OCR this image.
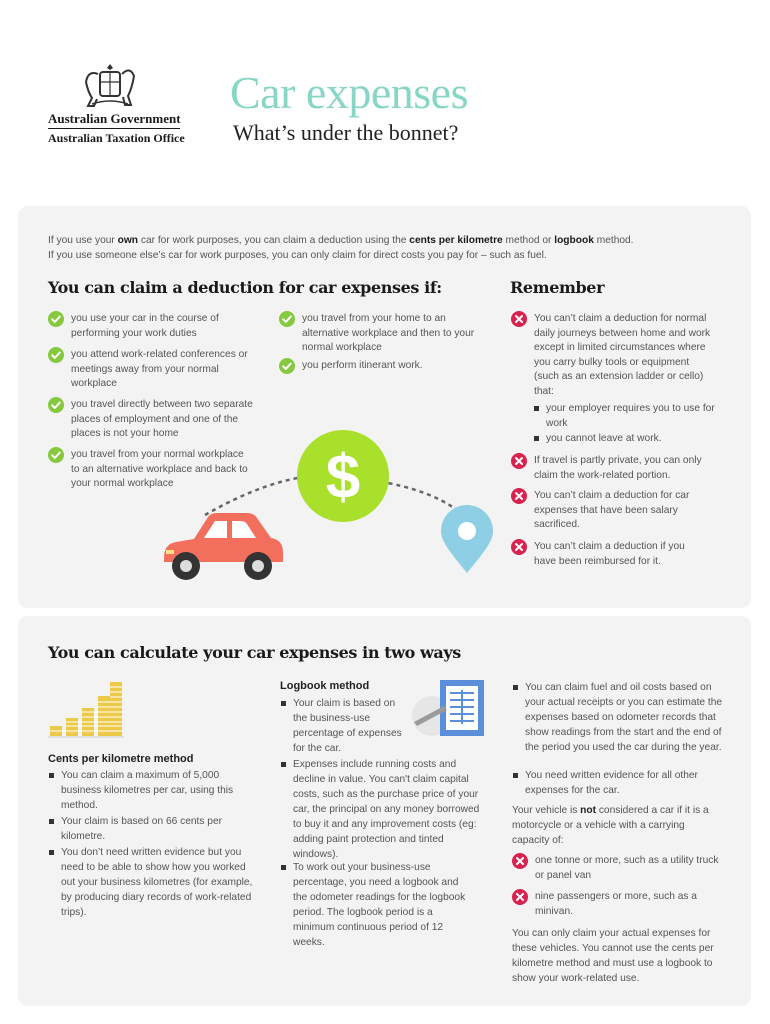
Australian Government
Australian Taxation Office
Car expenses
What’s under the bonnet?
If you use your own car for work purposes, you can claim a deduction using the cents per kilometre method or logbook method.
If you use someone else’s car for work purposes, you can only claim for direct costs you pay for – such as fuel.
You can claim a deduction for car expenses if:	Remember
you use your car in the course of performing your work duties
you attend work-related conferences or meetings away from your normal workplace
you travel directly between two separate places of employment and one of the places is not your home
you travel from your normal workplace to an alternative workplace and back to your normal workplace
you travel from your home to an alternative workplace and then to your normal workplace
you perform itinerant work.
You can’t claim a deduction for normal daily journeys between home and work except in limited circumstances where you carry bulky tools or equipment (such as an extension ladder or cello) that:
your employer requires you to use for work
you cannot leave at work.
If travel is partly private, you can only claim the work-related portion.
You can’t claim a deduction for car expenses that have been salary sacrificed.
You can’t claim a deduction if you have been reimbursed for it.
$
You can calculate your car expenses in two ways
Cents per kilometre method
You can claim a maximum of 5,000 business kilometres per car, using this method.
Your claim is based on 66 cents per kilometre.
You don’t need written evidence but you need to be able to show how you worked out your business kilometres (for example, by producing diary records of work-related trips).
Logbook method
Your claim is based on the business-use percentage of expenses for the car.
Expenses include running costs and decline in value. You can't claim capital costs, such as the purchase price of your car, the principal on any money borrowed to buy it and any improvement costs (eg: adding paint protection and tinted windows).
To work out your business-use percentage, you need a logbook and the odometer readings for the logbook period. The logbook period is a minimum continuous period of 12 weeks.
You can claim fuel and oil costs based on your actual receipts or you can estimate the expenses based on odometer records that show readings from the start and the end of the period you used the car during the year.
You need written evidence for all other expenses for the car.
Your vehicle is not considered a car if it is a motorcycle or a vehicle with a carrying capacity of:
one tonne or more, such as a utility truck or panel van
nine passengers or more, such as a minivan.
You can only claim your actual expenses for these vehicles. You cannot use the cents per kilometre method and must use a logbook to show your work-related use.
